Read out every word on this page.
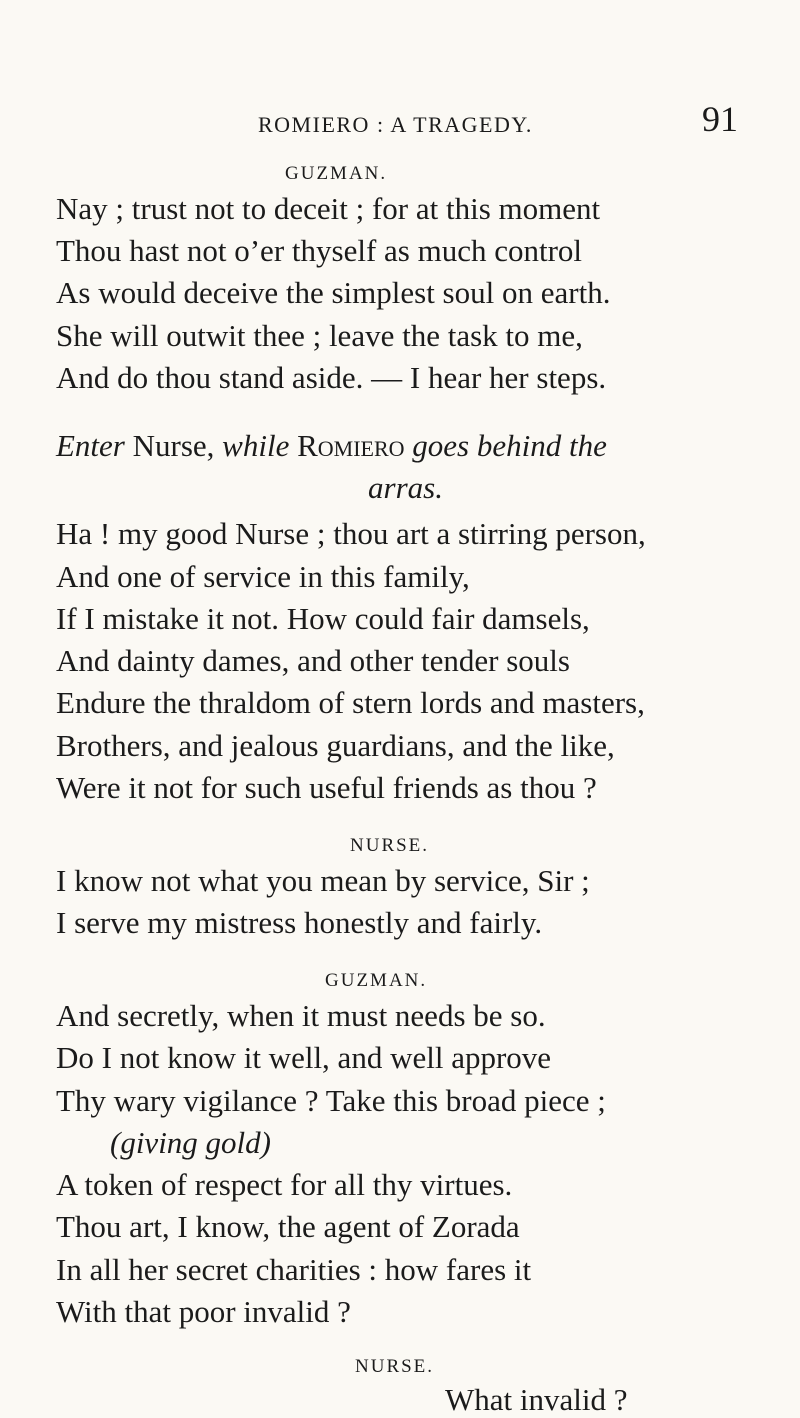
ROMIERO : A TRAGEDY.	91
GUZMAN.
Nay ; trust not to deceit ; for at this moment
Thou hast not o’er thyself as much control
As would deceive the simplest soul on earth.
She will outwit thee ; leave the task to me,
And do thou stand aside. — I hear her steps.
Enter Nurse, while Romiero goes behind the
arras.
Ha ! my good Nurse ; thou art a stirring person,
And one of service in this family,
If I mistake it not. How could fair damsels,
And dainty dames, and other tender souls
Endure the thraldom of stern lords and masters,
Brothers, and jealous guardians, and the like,
Were it not for such useful friends as thou ?
NURSE.
I know not what you mean by service, Sir ;
I serve my mistress honestly and fairly.
GUZMAN.
And secretly, when it must needs be so.
Do I not know it well, and well approve
Thy wary vigilance ? Take this broad piece ;
(giving gold)
A token of respect for all thy virtues.
Thou art, I know, the agent of Zorada
In all her secret charities : how fares it
With that poor invalid ?
NURSE.
What invalid ?
